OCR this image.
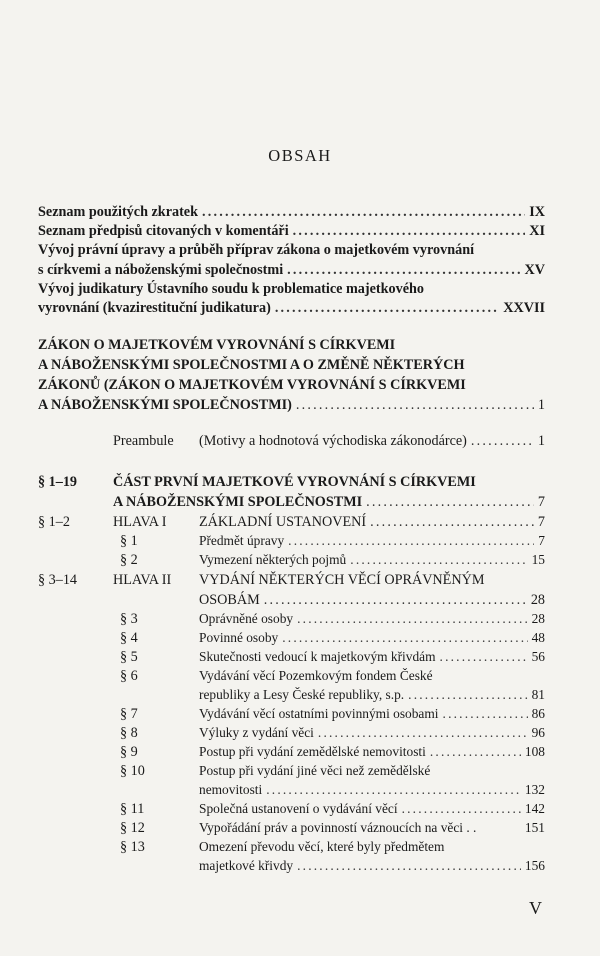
OBSAH
Seznam použitých zkratek .....	IX
Seznam předpisů citovaných v komentáři .....	XI
Vývoj právní úpravy a průběh příprav zákona o majetkovém vyrovnání
s církvemi a náboženskými společnostmi .....	XV
Vývoj judikatury Ústavního soudu k problematice majetkového
vyrovnání (kvazirestituční judikatura) .....	XXVII
ZÁKON O MAJETKOVÉM VYROVNÁNÍ S CÍRKVEMI
A NÁBOŽENSKÝMI SPOLEČNOSTMI A O ZMĚNĚ NĚKTERÝCH
ZÁKONŮ (ZÁKON O MAJETKOVÉM VYROVNÁNÍ S CÍRKVEMI
A NÁBOŽENSKÝMI SPOLEČNOSTMI) .....	1
Preambule (Motivy a hodnotová východiska zákonodárce) .....	1
§ 1–19	ČÁST PRVNÍ MAJETKOVÉ VYROVNÁNÍ S CÍRKVEMI
A NÁBOŽENSKÝMI SPOLEČNOSTMI .....	7
§ 1–2	HLAVA I ZÁKLADNÍ USTANOVENÍ .....	7
§ 1	Předmět úpravy .....	7
§ 2	Vymezení některých pojmů .....	15
§ 3–14	HLAVA II VYDÁNÍ NĚKTERÝCH VĚCÍ OPRÁVNĚNÝM
OSOBÁM .....	28
§ 3	Oprávněné osoby .....	28
§ 4	Povinné osoby .....	48
§ 5	Skutečnosti vedoucí k majetkovým křivdám .....	56
§ 6	Vydávání věcí Pozemkovým fondem České
republiky a Lesy České republiky, s.p. .....	81
§ 7	Vydávání věcí ostatními povinnými osobami .....	86
§ 8	Výluky z vydání věci .....	96
§ 9	Postup při vydání zemědělské nemovitosti .....	108
§ 10	Postup při vydání jiné věci než zemědělské
nemovitosti .....	132
§ 11	Společná ustanovení o vydávání věcí .....	142
§ 12	Vypořádání práv a povinností váznoucích na věci . .	151
§ 13	Omezení převodu věcí, které byly předmětem
majetkové křivdy .....	156
V
